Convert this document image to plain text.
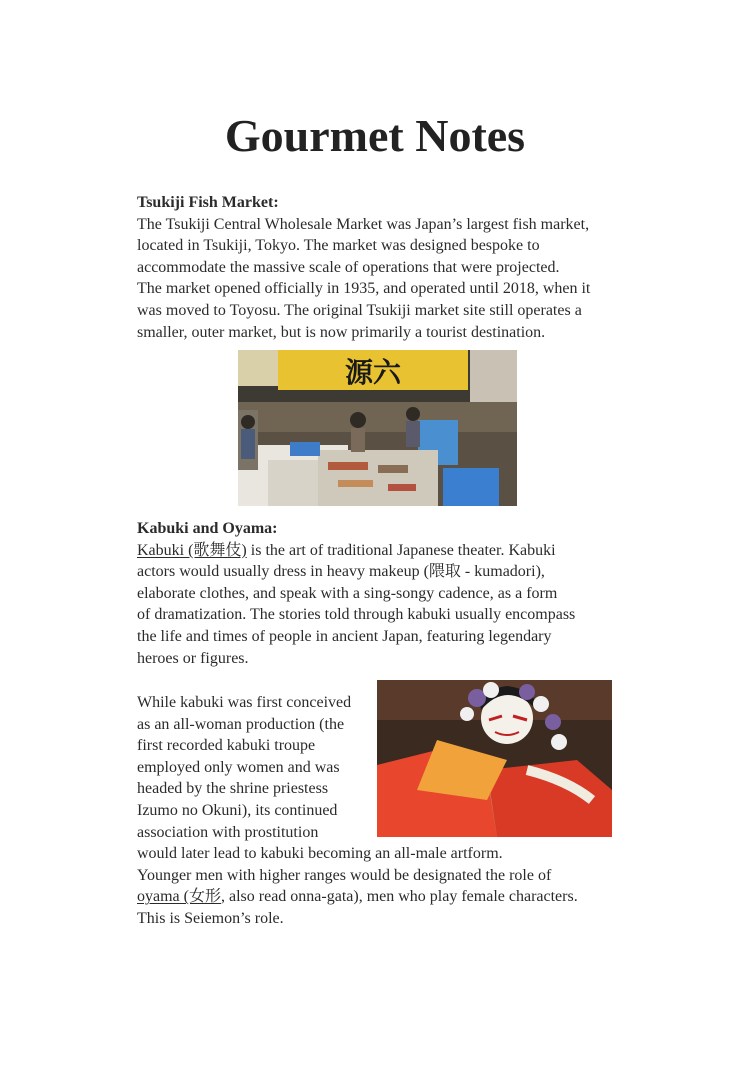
Gourmet Notes

Tsukiji Fish Market:

The Tsukiji Central Wholesale Market was Japan’s largest fish market,

located in Tsukiji, Tokyo. The market was designed bespoke to

accommodate the massive scale of operations that were projected.

The market opened officially in 1935, and operated until 2018, when it

was moved to Toyosu. The original Tsukiji market site still operates a

smaller, outer market, but is now primarily a tourist destination.

源六

Kabuki and Oyama:

Kabuki (歌舞伎) is the art of traditional Japanese theater. Kabuki

actors would usually dress in heavy makeup (隈取 - kumadori),

elaborate clothes, and speak with a sing-songy cadence, as a form

of dramatization. The stories told through kabuki usually encompass

the life and times of people in ancient Japan, featuring legendary

heroes or figures.

While kabuki was first conceived

as an all-woman production (the

first recorded kabuki troupe

employed only women and was

headed by the shrine priestess

Izumo no Okuni), its continued

association with prostitution

would later lead to kabuki becoming an all-male artform.

Younger men with higher ranges would be designated the role of

oyama (女形, also read onna-gata), men who play female characters.

This is Seiemon’s role.
